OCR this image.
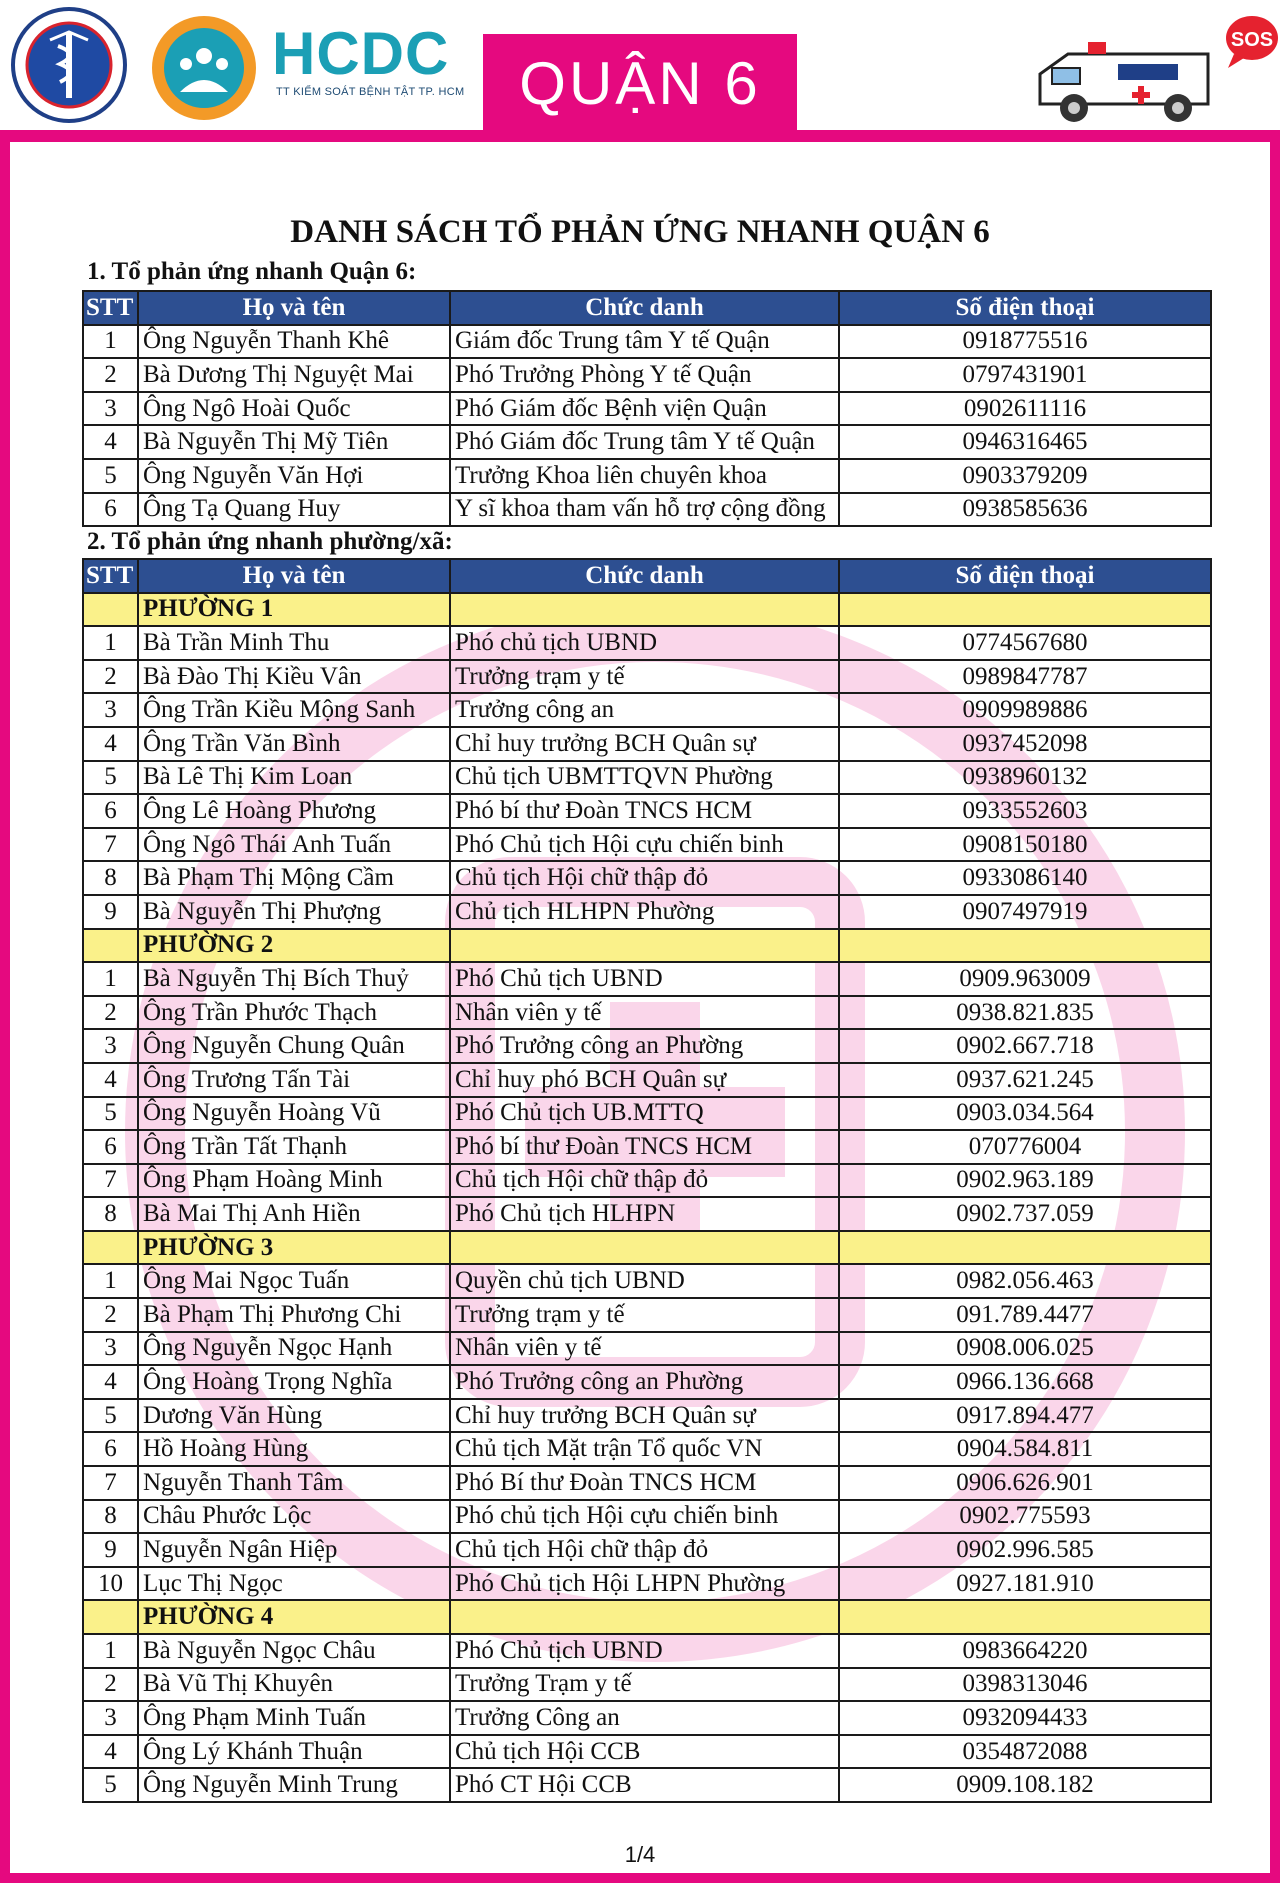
HCDC
TT KIỂM SOÁT BỆNH TẬT TP. HCM QUẬN 6
SOS
DANH SÁCH TỔ PHẢN ỨNG NHANH QUẬN 6
1. Tổ phản ứng nhanh Quận 6:
STT	Họ và tên	Chức danh	Số điện thoại
1	Ông Nguyễn Thanh Khê	Giám đốc Trung tâm Y tế Quận	0918775516
2	Bà Dương Thị Nguyệt Mai	Phó Trưởng Phòng Y tế Quận	0797431901
3	Ông Ngô Hoài Quốc	Phó Giám đốc Bệnh viện Quận	0902611116
4	Bà Nguyễn Thị Mỹ Tiên	Phó Giám đốc Trung tâm Y tế Quận	0946316465
5	Ông Nguyễn Văn Hợi	Trưởng Khoa liên chuyên khoa	0903379209
6	Ông Tạ Quang Huy	Y sĩ khoa tham vấn hỗ trợ cộng đồng	0938585636
2. Tổ phản ứng nhanh phường/xã:
STT	Họ và tên	Chức danh	Số điện thoại
	PHƯỜNG 1		
1	Bà Trần Minh Thu	Phó chủ tịch UBND	0774567680
2	Bà Đào Thị Kiều Vân	Trưởng trạm y tế	0989847787
3	Ông Trần Kiều Mộng Sanh	Trưởng công an	0909989886
4	Ông Trần Văn Bình	Chỉ huy trưởng BCH Quân sự	0937452098
5	Bà Lê Thị Kim Loan	Chủ tịch UBMTTQVN Phường	0938960132
6	Ông Lê Hoàng Phương	Phó bí thư Đoàn TNCS HCM	0933552603
7	Ông Ngô Thái Anh Tuấn	Phó Chủ tịch Hội cựu chiến binh	0908150180
8	Bà Phạm Thị Mộng Cầm	Chủ tịch Hội chữ thập đỏ	0933086140
9	Bà Nguyễn Thị Phượng	Chủ tịch HLHPN Phường	0907497919
	PHƯỜNG 2		
1	Bà Nguyễn Thị Bích Thuỷ	Phó Chủ tịch UBND	0909.963009
2	Ông Trần Phước Thạch	Nhân viên y tế	0938.821.835
3	Ông Nguyễn Chung Quân	Phó Trưởng công an Phường	0902.667.718
4	Ông Trương Tấn Tài	Chỉ huy phó BCH Quân sự	0937.621.245
5	Ông Nguyễn Hoàng Vũ	Phó Chủ tịch UB.MTTQ	0903.034.564
6	Ông Trần Tất Thạnh	Phó bí thư Đoàn TNCS HCM	070776004
7	Ông Phạm Hoàng Minh	Chủ tịch Hội chữ thập đỏ	0902.963.189
8	Bà Mai Thị Anh Hiền	Phó Chủ tịch HLHPN	0902.737.059
	PHƯỜNG 3		
1	Ông Mai Ngọc Tuấn	Quyền chủ tịch UBND	0982.056.463
2	Bà Phạm Thị Phương Chi	Trưởng trạm y tế	091.789.4477
3	Ông Nguyễn Ngọc Hạnh	Nhân viên y tế	0908.006.025
4	Ông Hoàng Trọng Nghĩa	Phó Trưởng công an Phường	0966.136.668
5	Dương Văn Hùng	Chỉ huy trưởng BCH Quân sự	0917.894.477
6	Hồ Hoàng Hùng	Chủ tịch Mặt trận Tổ quốc VN	0904.584.811
7	Nguyễn Thanh Tâm	Phó Bí thư Đoàn TNCS HCM	0906.626.901
8	Châu Phước Lộc	Phó chủ tịch Hội cựu chiến binh	0902.775593
9	Nguyễn Ngân Hiệp	Chủ tịch Hội chữ thập đỏ	0902.996.585
10	Lục Thị Ngọc	Phó Chủ tịch Hội LHPN Phường	0927.181.910
	PHƯỜNG 4		
1	Bà Nguyễn Ngọc Châu	Phó Chủ tịch UBND	0983664220
2	Bà Vũ Thị Khuyên	Trưởng Trạm y tế	0398313046
3	Ông Phạm Minh Tuấn	Trưởng Công an	0932094433
4	Ông Lý Khánh Thuận	Chủ tịch Hội CCB	0354872088
5	Ông Nguyễn Minh Trung	Phó CT Hội CCB	0909.108.182
1/4
